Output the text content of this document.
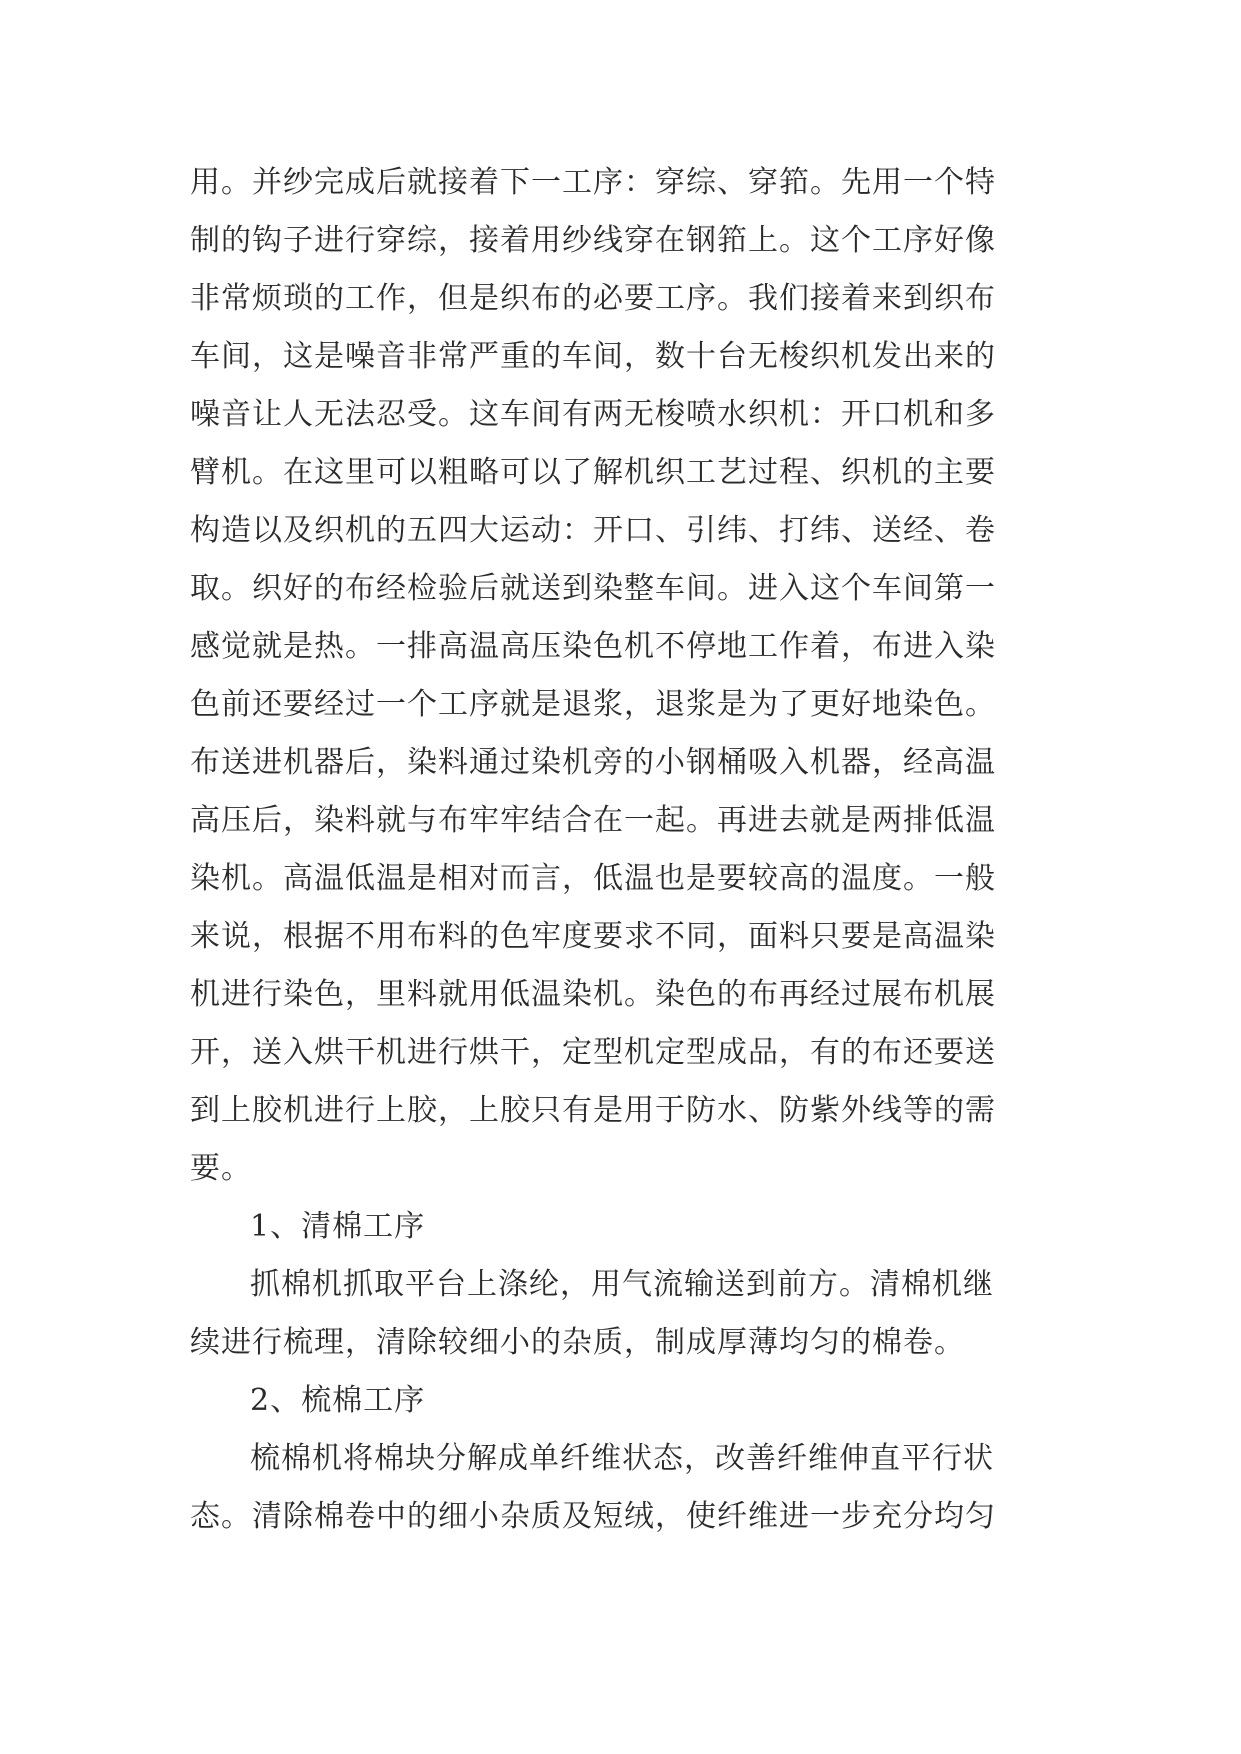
用。并纱完成后就接着下一工序：穿综、穿筘。先用一个特
制的钩子进行穿综，接着用纱线穿在钢筘上。这个工序好像
非常烦琐的工作，但是织布的必要工序。我们接着来到织布
车间，这是噪音非常严重的车间，数十台无梭织机发出来的
噪音让人无法忍受。这车间有两无梭喷水织机：开口机和多
臂机。在这里可以粗略可以了解机织工艺过程、织机的主要
构造以及织机的五四大运动：开口、引纬、打纬、送经、卷
取。织好的布经检验后就送到染整车间。进入这个车间第一
感觉就是热。一排高温高压染色机不停地工作着，布进入染
色前还要经过一个工序就是退浆，退浆是为了更好地染色。
布送进机器后，染料通过染机旁的小钢桶吸入机器，经高温
高压后，染料就与布牢牢结合在一起。再进去就是两排低温
染机。高温低温是相对而言，低温也是要较高的温度。一般
来说，根据不用布料的色牢度要求不同，面料只要是高温染
机进行染色，里料就用低温染机。染色的布再经过展布机展
开，送入烘干机进行烘干，定型机定型成品，有的布还要送
到上胶机进行上胶，上胶只有是用于防水、防紫外线等的需
要。
1、清棉工序
抓棉机抓取平台上涤纶，用气流输送到前方。清棉机继
续进行梳理，清除较细小的杂质，制成厚薄均匀的棉卷。
2、梳棉工序
梳棉机将棉块分解成单纤维状态，改善纤维伸直平行状
态。清除棉卷中的细小杂质及短绒，使纤维进一步充分均匀
